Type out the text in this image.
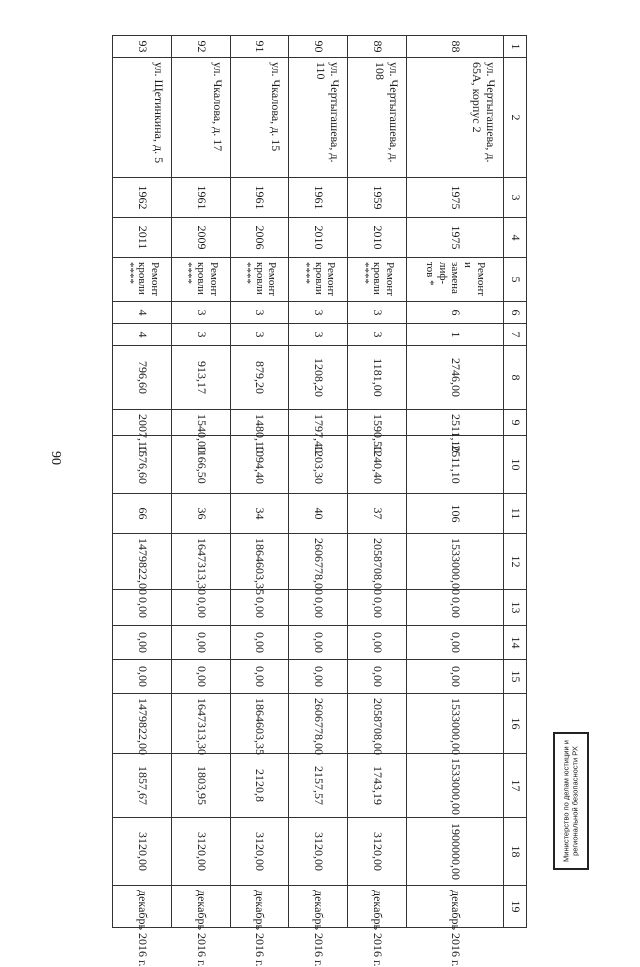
90
1	2	3	4	5	6	7	8	9	10	11	12	13	14	15	16	17	18	19
88	ул. Чертыгашева, д. 65А, корпус 2	1975	1975	Ремонт и замена лиф-тов *	6	1	2746,00	2511,10	2511,10	106	1533000,00	0,00	0,00	0,00	1533000,00	1533000,00	1900000,00	декабрь 2016 г.
89	ул. Чертыгашева, д. 108	1959	2010	Ремонт кровли ****	3	3	1181,00	1590,50	1240,40	37	2058708,00	0,00	0,00	0,00	2058708,00	1743,19	3120,00	декабрь 2016 г.
90	ул. Чертыгашева, д. 110	1961	2010	Ремонт кровли ****	3	3	1208,20	1797,40	1203,30	40	2606778,00	0,00	0,00	0,00	2606778,00	2157,57	3120,00	декабрь 2016 г.
91	ул. Чкалова, д. 15	1961	2006	Ремонт кровли ****	3	3	879,20	1480,10	1094,40	34	1864603,35	0,00	0,00	0,00	1864603,35	2120,8	3120,00	декабрь 2016 г.
92	ул. Чкалова, д. 17	1961	2009	Ремонт кровли ****	3	3	913,17	1540,00	1166,50	36	1647313,30	0,00	0,00	0,00	1647313,30	1803,95	3120,00	декабрь 2016 г.
93	ул. Щетинкина, д. 5	1962	2011	Ремонт кровли ****	4	4	796,60	2007,10	1576,60	66	1479822,00	0,00	0,00	0,00	1479822,00	1857,67	3120,00	декабрь 2016 г.
Министерство по делам юстиции и региональной безопасности РХ
